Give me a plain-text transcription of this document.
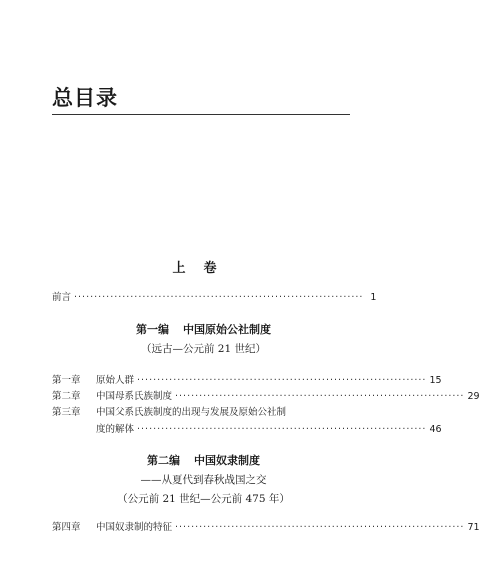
总目录
上卷
前言 ········································································ 1
第一编 中国原始公社制度
（远古—公元前 21 世纪）
第一章	原始人群 ········································································ 15
第二章	中国母系氏族制度 ········································································ 29
第三章	中国父系氏族制度的出现与发展及原始公社制
度的解体 ········································································ 46
第二编 中国奴隶制度
——从夏代到春秋战国之交
（公元前 21 世纪—公元前 475 年）
第四章	中国奴隶制的特征 ········································································ 71
